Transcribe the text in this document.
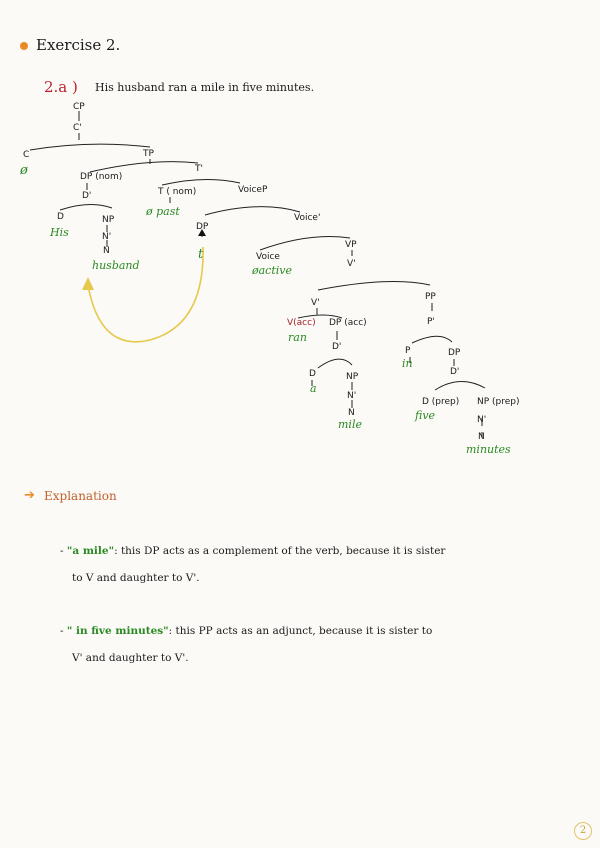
Exercise 2.
2.a ) His husband ran a mile in five minutes.
CP
C'
C
ø
TP
DP (nom)
D'
D
His
NP
N'
N
husband
T'
T ( nom)
ø past
VoiceP
DP
t
Voice'
Voice
øactive
VP
V'
V'
V(acc)
ran
DP (acc)
D'
D
a
NP
N'
N
mile
PP
P'
P
in
DP
D'
D (prep)
five
NP (prep)
N'
N
minutes
➔ Explanation
- "a mile": this DP acts as a complement of the verb, because it is sister
to V and daughter to V'.
- " in five minutes": this PP acts as an adjunct, because it is sister to
V' and daughter to V'.
2
